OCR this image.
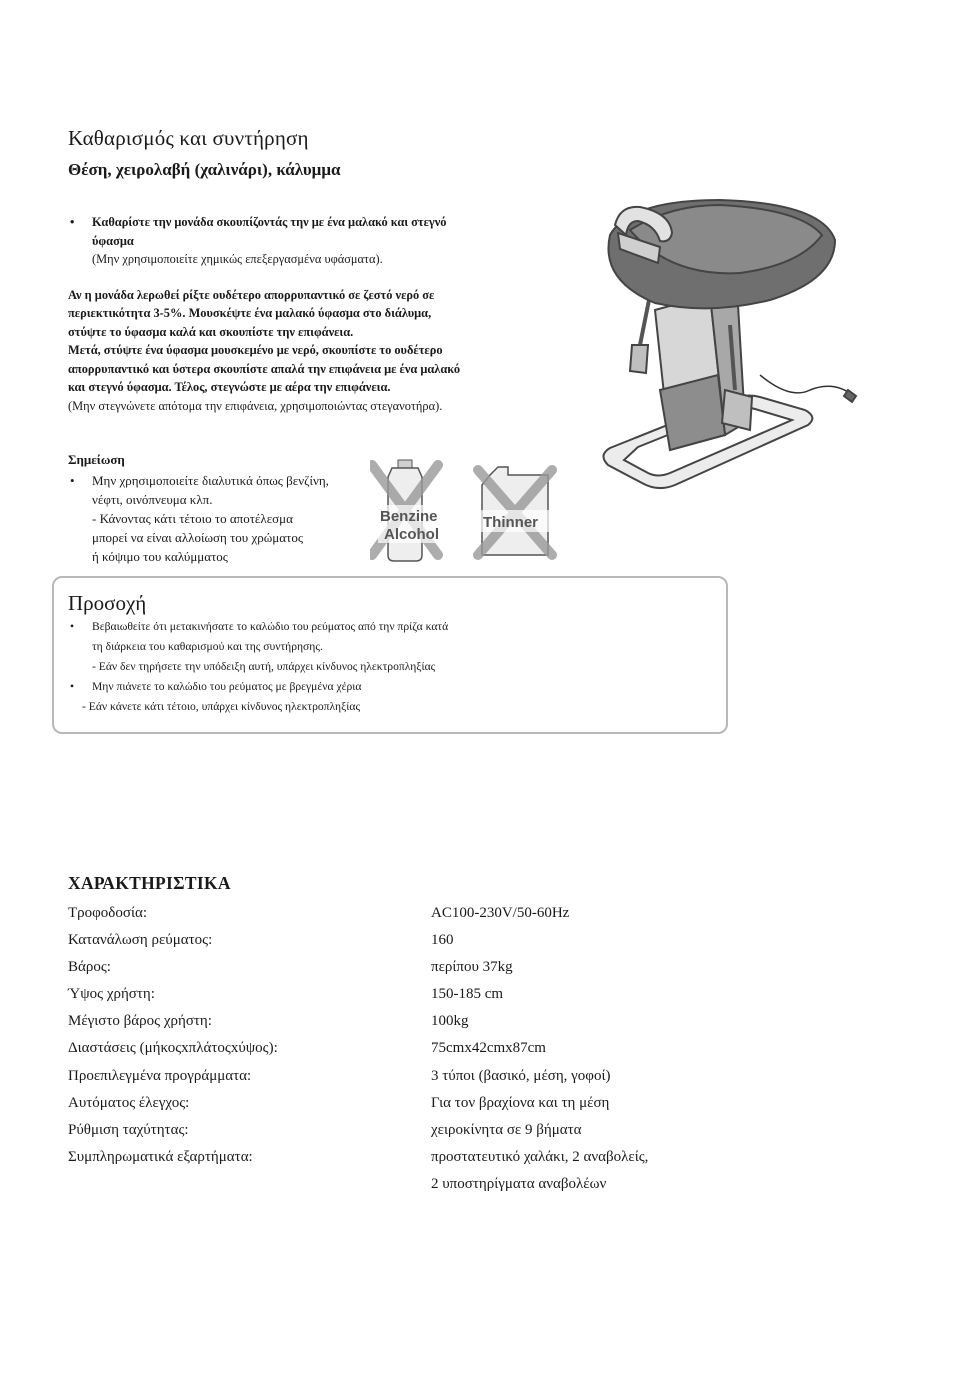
Καθαρισμός και συντήρηση
Θέση, χειρολαβή (χαλινάρι), κάλυμμα
• Καθαρίστε την μονάδα σκουπίζοντάς την με ένα μαλακό και στεγνό

ύφασμα

(Μην χρησιμοποιείτε χημικώς επεξεργασμένα υφάσματα).

Αν η μονάδα λερωθεί ρίξτε ουδέτερο απορρυπαντικό σε ζεστό νερό σε

περιεκτικότητα 3-5%. Μουσκέψτε ένα μαλακό ύφασμα στο διάλυμα,

στύψτε το ύφασμα καλά και σκουπίστε την επιφάνεια.

Μετά, στύψτε ένα ύφασμα μουσκεμένο με νερό, σκουπίστε το ουδέτερο

απορρυπαντικό και ύστερα σκουπίστε απαλά την επιφάνεια με ένα μαλακό

και στεγνό ύφασμα. Τέλος, στεγνώστε με αέρα την επιφάνεια.

(Μην στεγνώνετε απότομα την επιφάνεια, χρησιμοποιώντας στεγανοτήρα).

Σημείωση
• Μην χρησιμοποιείτε διαλυτικά όπως βενζίνη,
νέφτι, οινόπνευμα κλπ.
- Κάνοντας κάτι τέτοιο το αποτέλεσμα
μπορεί να είναι αλλοίωση του χρώματος
ή κόψιμο του καλύμματος
Benzine
Alcohol
Thinner
Προσοχή
• Βεβαιωθείτε ότι μετακινήσατε το καλώδιο του ρεύματος από την πρίζα κατά
τη διάρκεια του καθαρισμού και της συντήρησης.
- Εάν δεν τηρήσετε την υπόδειξη αυτή, υπάρχει κίνδυνος ηλεκτροπληξίας
• Μην πιάνετε το καλώδιο του ρεύματος με βρεγμένα χέρια
- Εάν κάνετε κάτι τέτοιο, υπάρχει κίνδυνος ηλεκτροπληξίας
ΧΑΡΑΚΤΗΡΙΣΤΙΚΑ
Τροφοδοσία:	AC100-230V/50-60Hz
Κατανάλωση ρεύματος:	160
Βάρος:	περίπου 37kg
Ύψος χρήστη:	150-185 cm
Μέγιστο βάρος χρήστη:	100kg
Διαστάσεις (μήκοςxπλάτοςxύψος):	75cmx42cmx87cm
Προεπιλεγμένα προγράμματα:	3 τύποι (βασικό, μέση, γοφοί)
Αυτόματος έλεγχος:	Για τον βραχίονα και τη μέση
Ρύθμιση ταχύτητας:	χειροκίνητα σε 9 βήματα
Συμπληρωματικά εξαρτήματα:	προστατευτικό χαλάκι, 2 αναβολείς,
2 υποστηρίγματα αναβολέων
